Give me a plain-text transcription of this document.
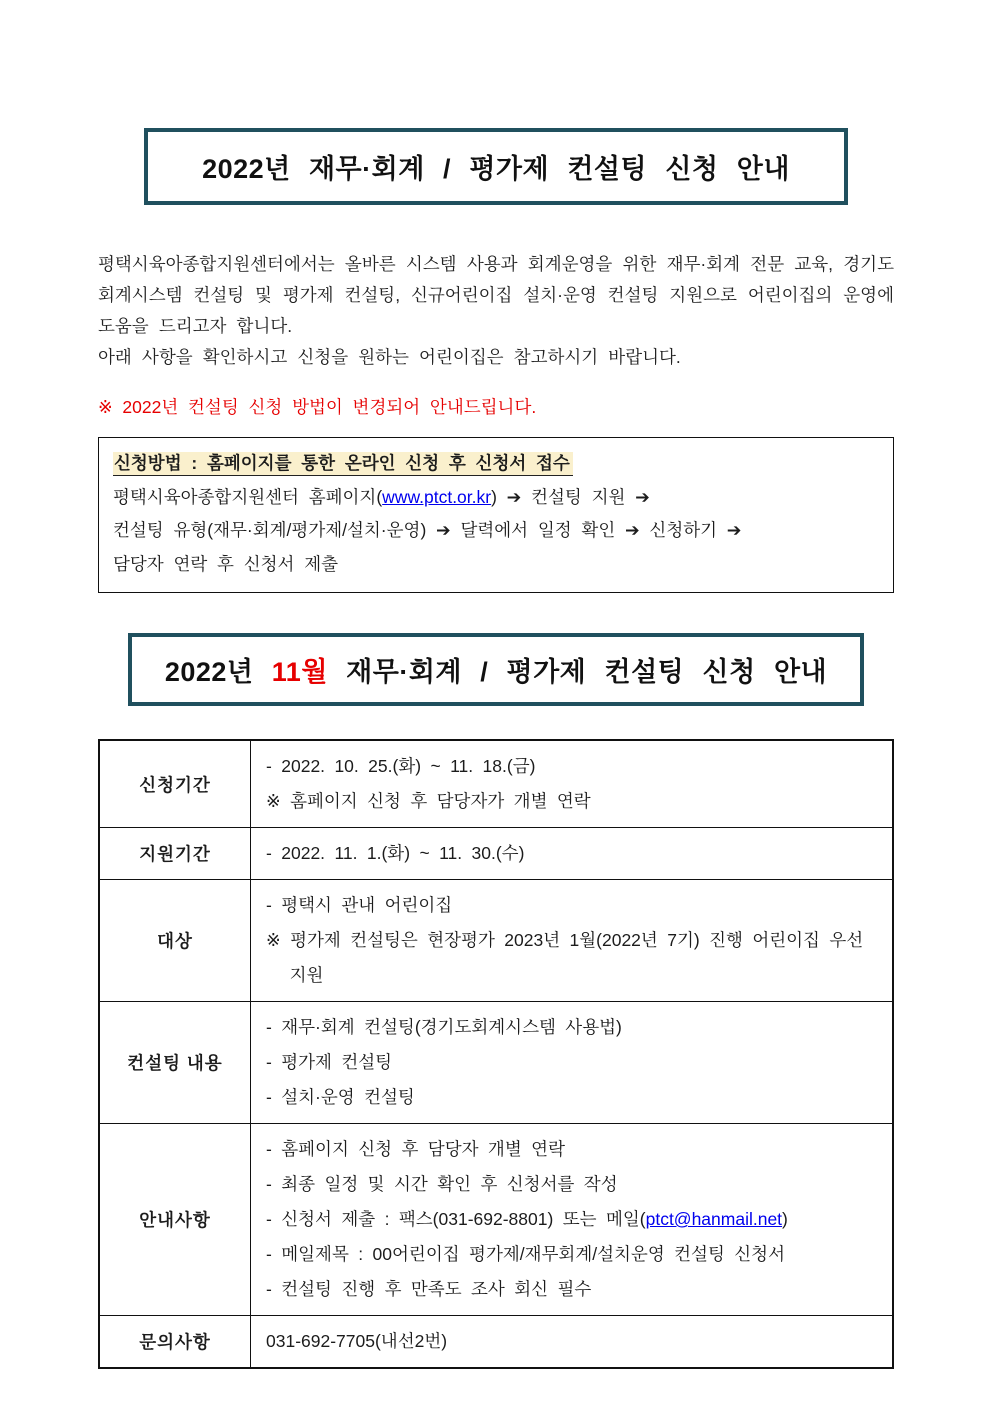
2022년 재무·회계 / 평가제 컨설팅 신청 안내

평택시육아종합지원센터에서는 올바른 시스템 사용과 회계운영을 위한 재무·회계 전문 교육, 경기도회계시스템 컨설팅 및 평가제 컨설팅, 신규어린이집 설치·운영 컨설팅 지원으로 어린이집의 운영에 도움을 드리고자 합니다.

아래 사항을 확인하시고 신청을 원하는 어린이집은 참고하시기 바랍니다.

※ 2022년 컨설팅 신청 방법이 변경되어 안내드립니다.

신청방법 : 홈페이지를 통한 온라인 신청 후 신청서 접수
평택시육아종합지원센터 홈페이지(www.ptct.or.kr) ➔ 컨설팅 지원 ➔
컨설팅 유형(재무·회계/평가제/설치·운영) ➔ 달력에서 일정 확인 ➔ 신청하기 ➔
담당자 연락 후 신청서 제출
2022년 11월 재무·회계 / 평가제 컨설팅 신청 안내
신청기간	- 2022. 10. 25.(화) ~ 11. 18.(금)
※ 홈페이지 신청 후 담당자가 개별 연락

지원기간	- 2022. 11. 1.(화) ~ 11. 30.(수)

대상	- 평택시 관내 어린이집
※ 평가제 컨설팅은 현장평가 2023년 1월(2022년 7기) 진행 어린이집 우선 지원

컨설팅 내용	- 재무·회계 컨설팅(경기도회계시스템 사용법)
- 평가제 컨설팅
- 설치·운영 컨설팅

안내사항	- 홈페이지 신청 후 담당자 개별 연락
- 최종 일정 및 시간 확인 후 신청서를 작성
- 신청서 제출 : 팩스(031-692-8801) 또는 메일(ptct@hanmail.net)
- 메일제목 : 00어린이집 평가제/재무회계/설치운영 컨설팅 신청서
- 컨설팅 진행 후 만족도 조사 회신 필수

문의사항	031-692-7705(내선2번)
